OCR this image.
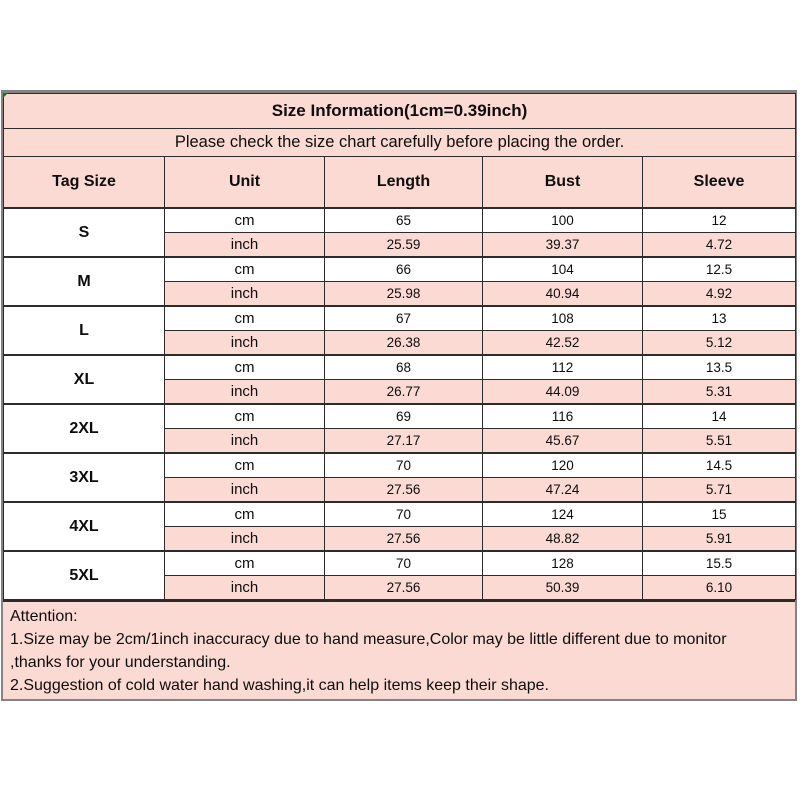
Size Information(1cm=0.39inch)				
Please check the size chart carefully before placing the order.				
Tag Size	Unit	Length	Bust	Sleeve
S	cm	65	100	12
	inch	25.59	39.37	4.72
M	cm	66	104	12.5
	inch	25.98	40.94	4.92
L	cm	67	108	13
	inch	26.38	42.52	5.12
XL	cm	68	112	13.5
	inch	26.77	44.09	5.31
2XL	cm	69	116	14
	inch	27.17	45.67	5.51
3XL	cm	70	120	14.5
	inch	27.56	47.24	5.71
4XL	cm	70	124	15
	inch	27.56	48.82	5.91
5XL	cm	70	128	15.5
	inch	27.56	50.39	6.10
Attention:
1.Size may be 2cm/1inch inaccuracy due to hand measure,Color may be little different due to monitor
,thanks for your understanding.
2.Suggestion of cold water hand washing,it can help items keep their shape.
